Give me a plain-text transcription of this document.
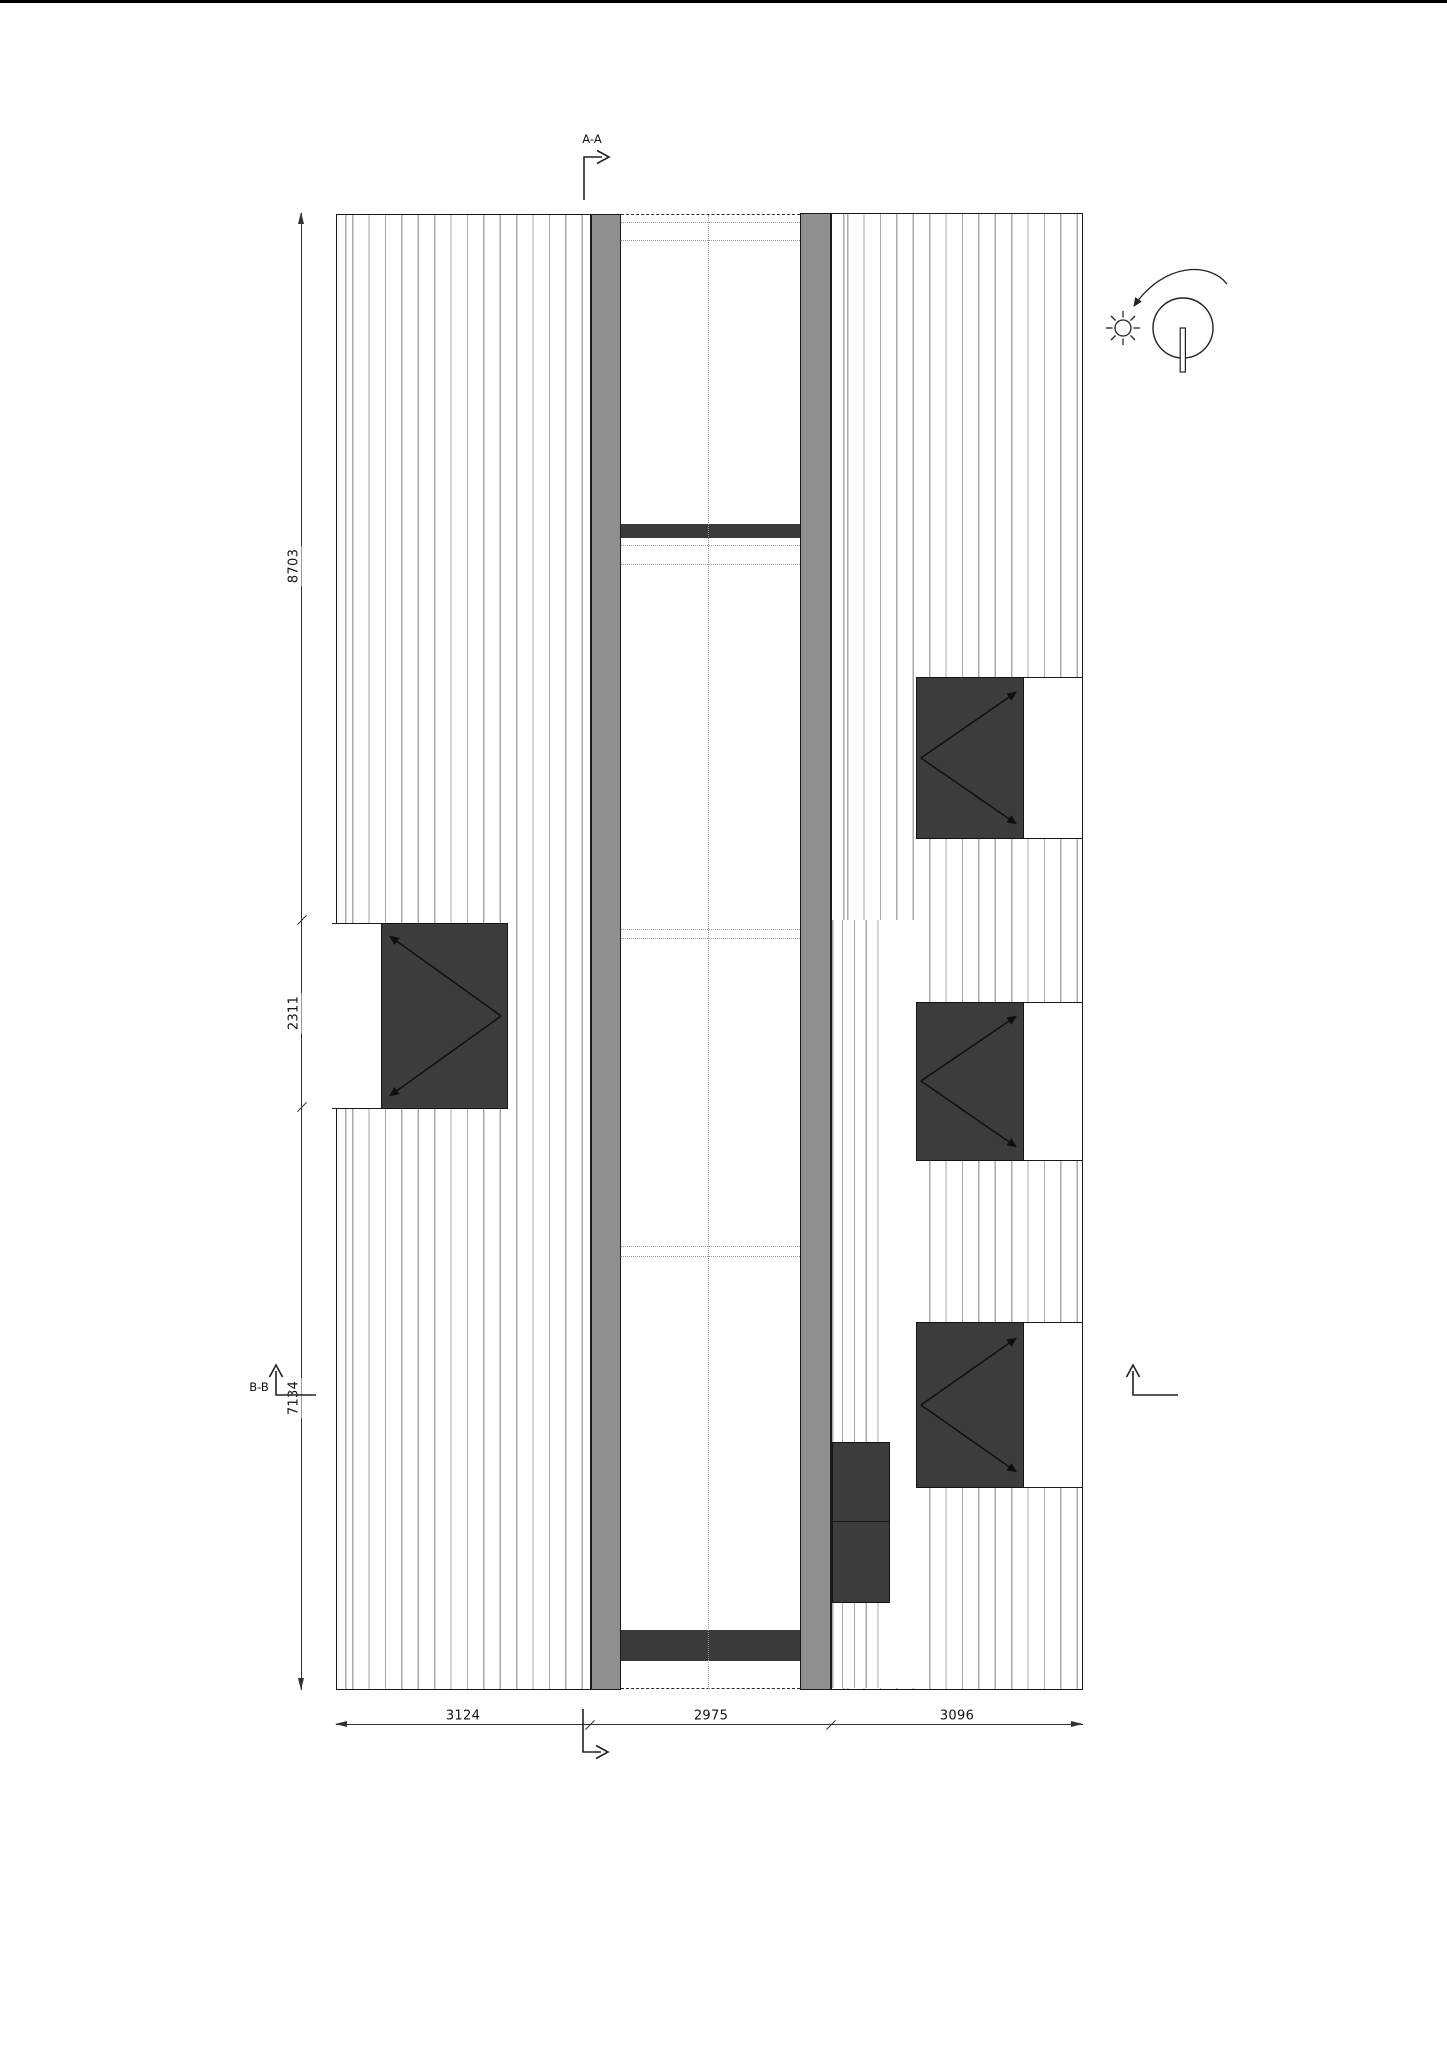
8703
2311
7134
3124	2975	3096
A-A
B-B
